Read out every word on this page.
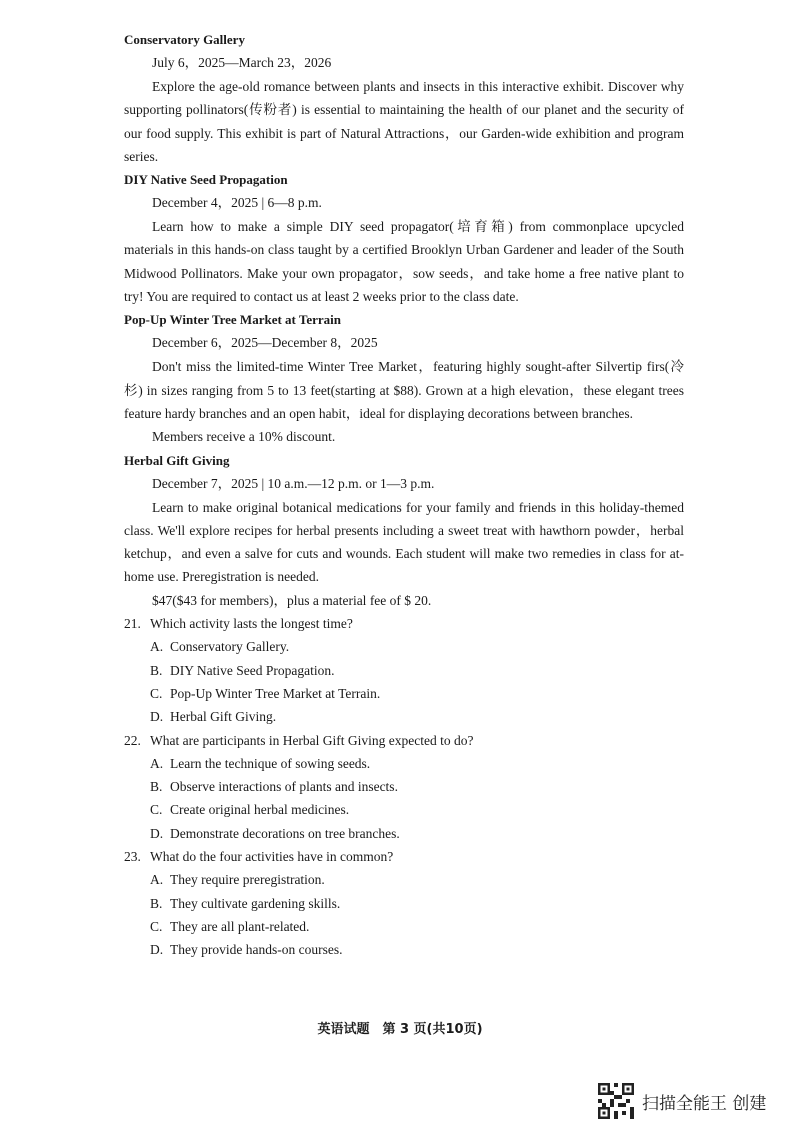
Conservatory Gallery

July 6，2025—March 23，2026

Explore the age-old romance between plants and insects in this interactive exhibit. Discover why supporting pollinators(传粉者) is essential to maintaining the health of our planet and the security of our food supply. This exhibit is part of Natural Attractions，our Garden-wide exhibition and program series.

DIY Native Seed Propagation

December 4，2025 | 6—8 p.m.

Learn how to make a simple DIY seed propagator(培育箱) from commonplace upcycled materials in this hands-on class taught by a certified Brooklyn Urban Gardener and leader of the South Midwood Pollinators. Make your own propagator，sow seeds，and take home a free native plant to try! You are required to contact us at least 2 weeks prior to the class date.

Pop-Up Winter Tree Market at Terrain

December 6，2025—December 8，2025

Don't miss the limited-time Winter Tree Market，featuring highly sought-after Silvertip firs(冷杉) in sizes ranging from 5 to 13 feet(starting at $88). Grown at a high elevation，these elegant trees feature hardy branches and an open habit，ideal for displaying decorations between branches.

Members receive a 10% discount.

Herbal Gift Giving

December 7，2025 | 10 a.m.—12 p.m. or 1—3 p.m.

Learn to make original botanical medications for your family and friends in this holiday-themed class. We'll explore recipes for herbal presents including a sweet treat with hawthorn powder，herbal ketchup，and even a salve for cuts and wounds. Each student will make two remedies in class for at-home use. Preregistration is needed.

$47($43 for members)，plus a material fee of $ 20.

21. Which activity lasts the longest time?

A. Conservatory Gallery.

B. DIY Native Seed Propagation.

C. Pop-Up Winter Tree Market at Terrain.

D. Herbal Gift Giving.

22. What are participants in Herbal Gift Giving expected to do?

A. Learn the technique of sowing seeds.

B. Observe interactions of plants and insects.

C. Create original herbal medicines.

D. Demonstrate decorations on tree branches.

23. What do the four activities have in common?

A. They require preregistration.

B. They cultivate gardening skills.

C. They are all plant-related.

D. They provide hands-on courses.

英语试题　第 3 页(共10页)
扫描全能王 创建
